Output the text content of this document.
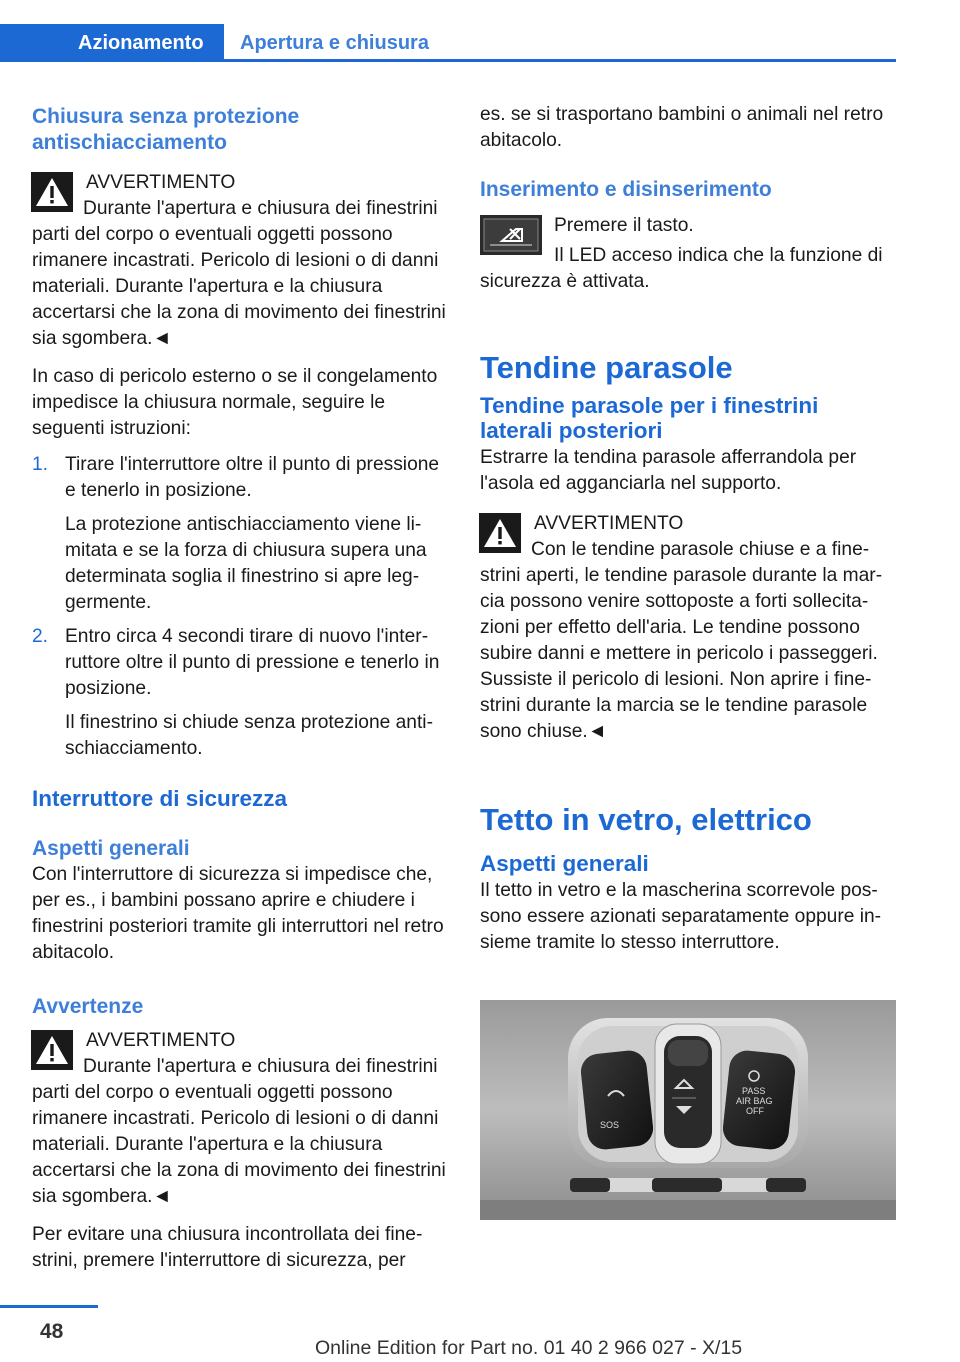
Azionamento	Apertura e chiusura
Chiusura senza protezione antischiacciamento
AVVERTIMENTO

Durante l'apertura e chiusura dei finestrini parti del corpo o eventuali oggetti possono rimanere incastrati. Pericolo di lesioni o di danni materiali. Durante l'apertura e la chiusura accertarsi che la zona di movimento dei finestrini sia sgombera.◄

In caso di pericolo esterno o se il congelamento impedisce la chiusura normale, seguire le seguenti istruzioni:

1. Tirare l'interruttore oltre il punto di pressione e tenerlo in posizione.

La protezione antischiacciamento viene limitata e se la forza di chiusura supera una determinata soglia il finestrino si apre leggermente.

2. Entro circa 4 secondi tirare di nuovo l'interruttore oltre il punto di pressione e tenerlo in posizione.

Il finestrino si chiude senza protezione antischiacciamento.

Interruttore di sicurezza
Aspetti generali

Con l'interruttore di sicurezza si impedisce che, per es., i bambini possano aprire e chiudere i finestrini posteriori tramite gli interruttori nel retro abitacolo.

Avvertenze
AVVERTIMENTO

Durante l'apertura e chiusura dei finestrini parti del corpo o eventuali oggetti possono rimanere incastrati. Pericolo di lesioni o di danni materiali. Durante l'apertura e la chiusura accertarsi che la zona di movimento dei finestrini sia sgombera.◄

Per evitare una chiusura incontrollata dei finestrini, premere l'interruttore di sicurezza, per

es. se si trasportano bambini o animali nel retro abitacolo.

Inserimento e disinserimento

Premere il tasto.

Il LED acceso indica che la funzione di sicurezza è attivata.

Tendine parasole
Tendine parasole per i finestrini laterali posteriori

Estrarre la tendina parasole afferrandola per l'asola ed agganciarla nel supporto.

AVVERTIMENTO

Con le tendine parasole chiuse e a finestrini aperti, le tendine parasole durante la marcia possono venire sottoposte a forti sollecitazioni per effetto dell'aria. Le tendine possono subire danni e mettere in pericolo i passeggeri. Sussiste il pericolo di lesioni. Non aprire i finestrini durante la marcia se le tendine parasole sono chiuse.◄

Tetto in vetro, elettrico
Aspetti generali

Il tetto in vetro e la mascherina scorrevole possono essere azionati separatamente oppure insieme tramite lo stesso interruttore.

SOS
PASS
AIR BAG
OFF
48
Online Edition for Part no. 01 40 2 966 027 - X/15
